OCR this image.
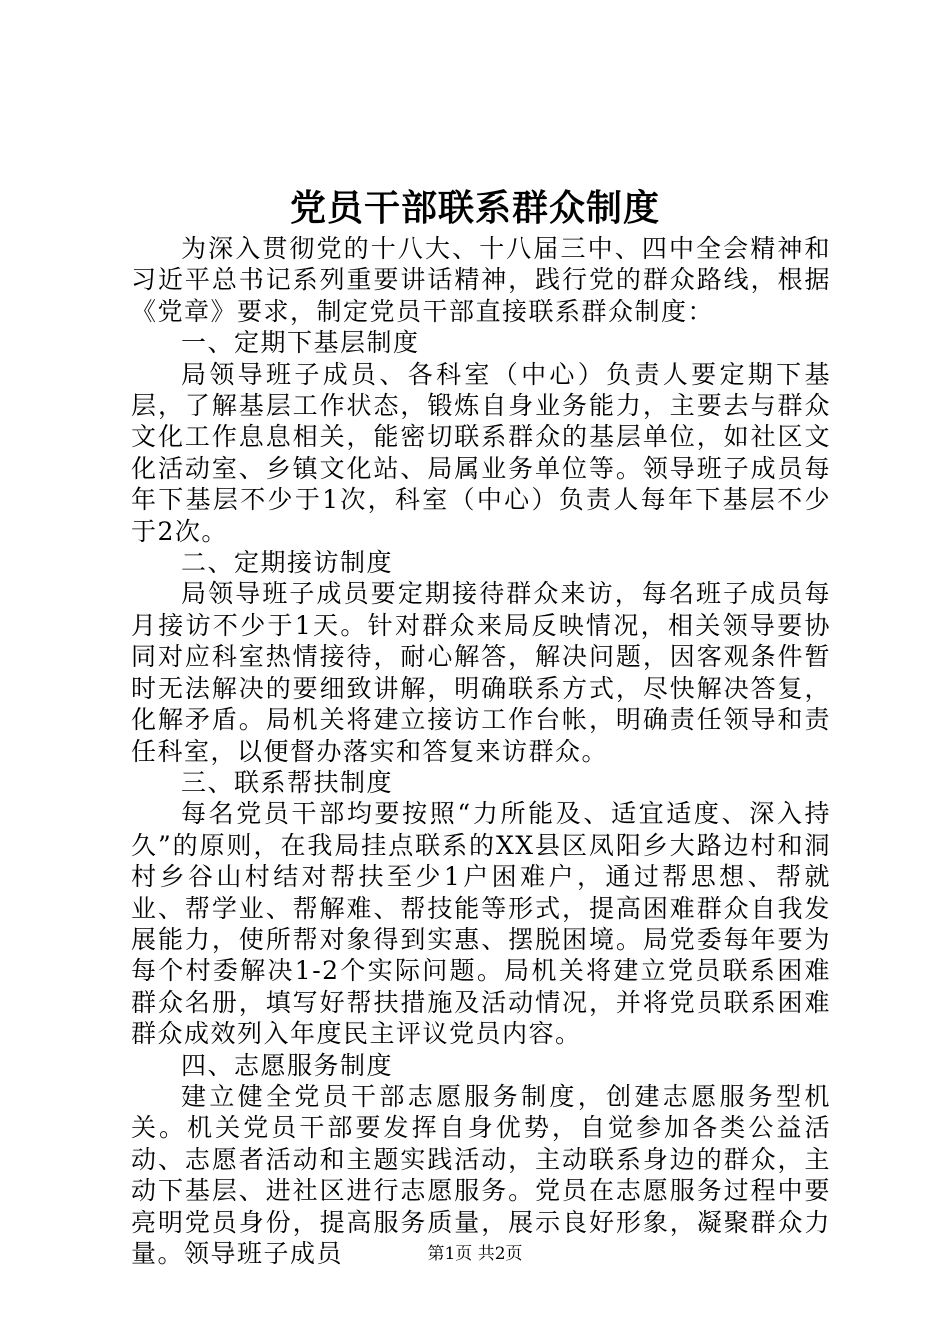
党员干部联系群众制度

为深入贯彻党的十八大、十八届三中、四中全会精神和习近平总书记系列重要讲话精神，践行党的群众路线，根据《党章》要求，制定党员干部直接联系群众制度：

一、定期下基层制度

局领导班子成员、各科室（中心）负责人要定期下基层，了解基层工作状态，锻炼自身业务能力，主要去与群众文化工作息息相关，能密切联系群众的基层单位，如社区文化活动室、乡镇文化站、局属业务单位等。领导班子成员每年下基层不少于1次，科室（中心）负责人每年下基层不少于2次。

二、定期接访制度

局领导班子成员要定期接待群众来访，每名班子成员每月接访不少于1天。针对群众来局反映情况，相关领导要协同对应科室热情接待，耐心解答，解决问题，因客观条件暂时无法解决的要细致讲解，明确联系方式，尽快解决答复，化解矛盾。局机关将建立接访工作台帐，明确责任领导和责任科室，以便督办落实和答复来访群众。

三、联系帮扶制度

每名党员干部均要按照“力所能及、适宜适度、深入持久”的原则，在我局挂点联系的XX县区凤阳乡大路边村和洞村乡谷山村结对帮扶至少1户困难户，通过帮思想、帮就业、帮学业、帮解难、帮技能等形式，提高困难群众自我发展能力，使所帮对象得到实惠、摆脱困境。局党委每年要为每个村委解决1-2个实际问题。局机关将建立党员联系困难群众名册，填写好帮扶措施及活动情况，并将党员联系困难群众成效列入年度民主评议党员内容。

四、志愿服务制度

建立健全党员干部志愿服务制度，创建志愿服务型机关。机关党员干部要发挥自身优势，自觉参加各类公益活动、志愿者活动和主题实践活动，主动联系身边的群众，主动下基层、进社区进行志愿服务。党员在志愿服务过程中要亮明党员身份，提高服务质量，展示良好形象，凝聚群众力量。领导班子成员	第1页 共2页
